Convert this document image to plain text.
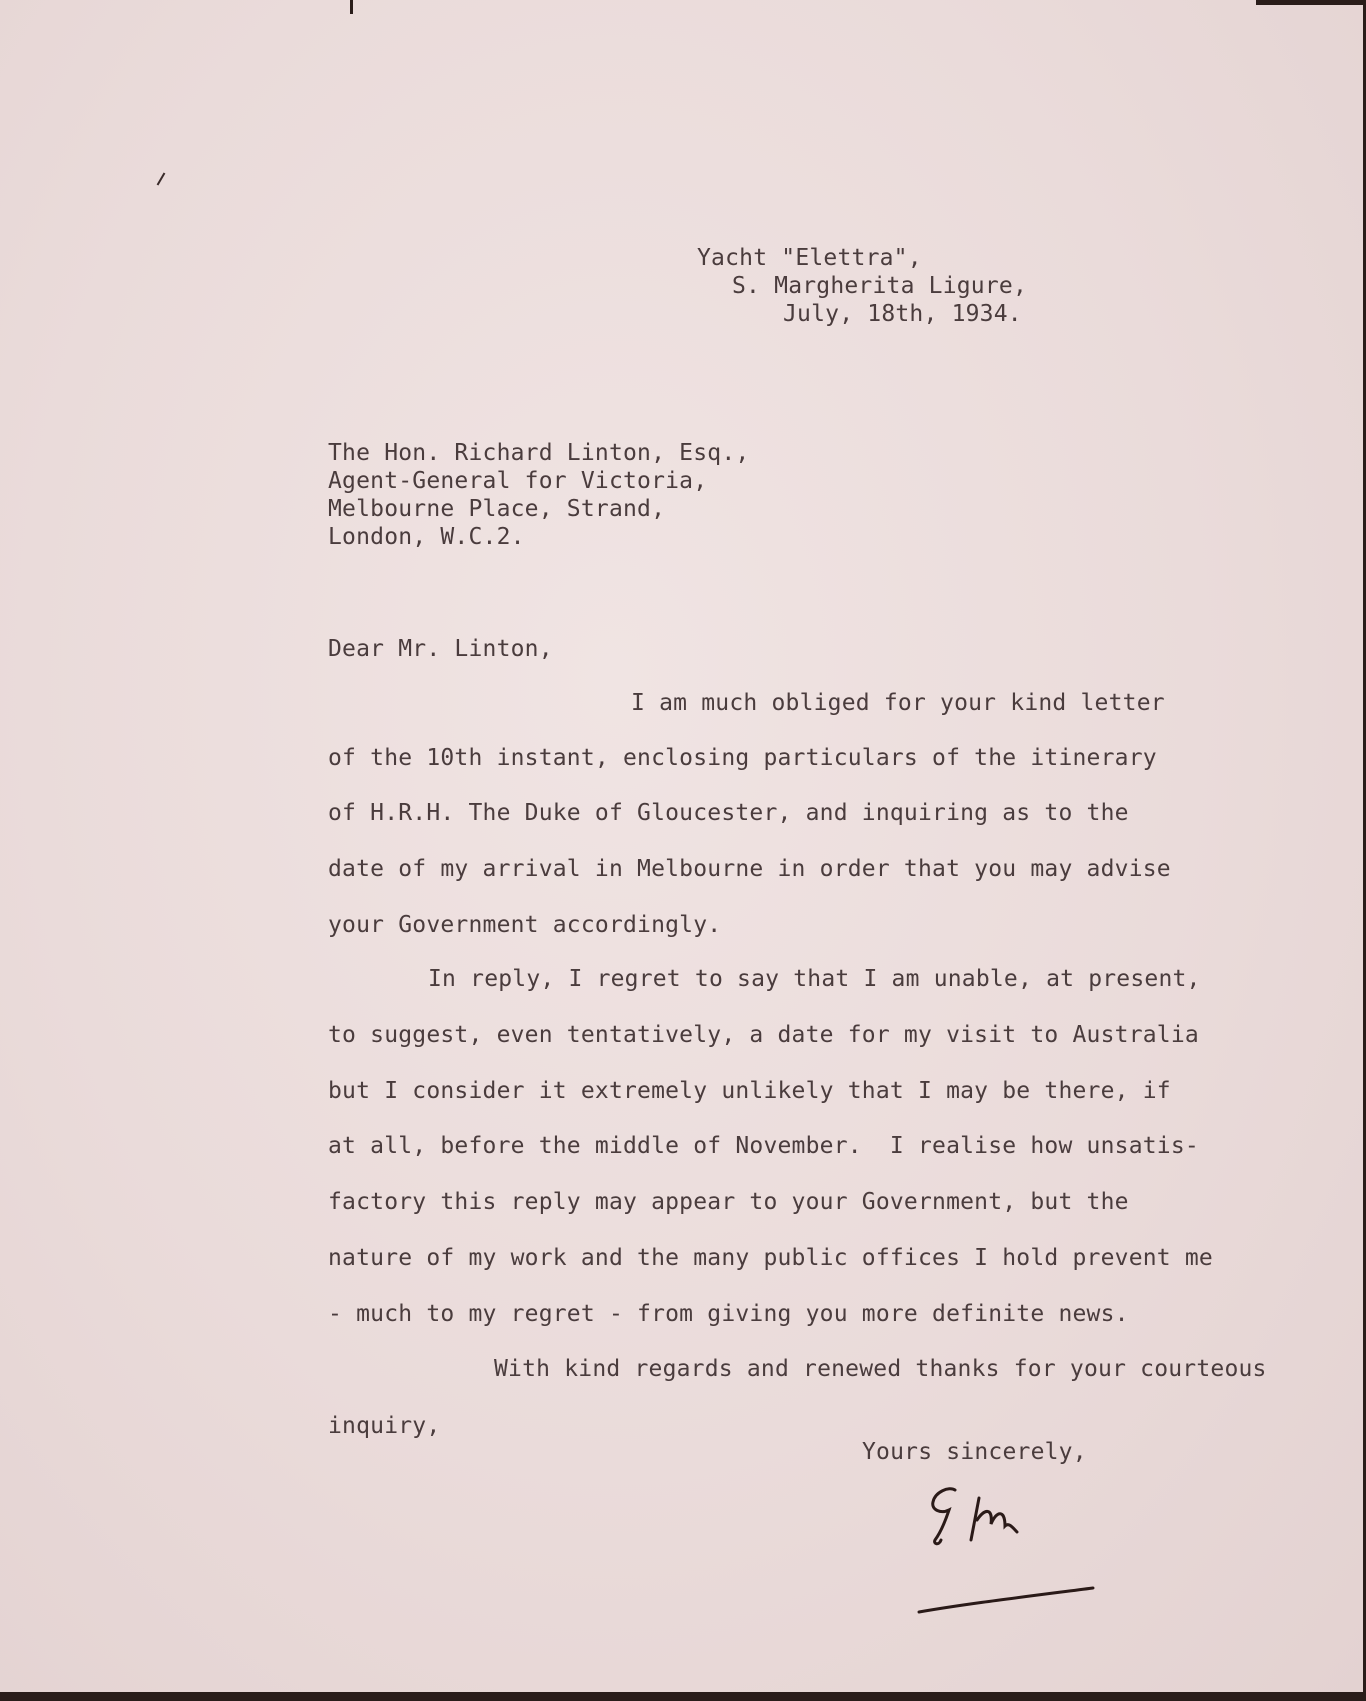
Yacht "Elettra",
S. Margherita Ligure,
July, 18th, 1934.
The Hon. Richard Linton, Esq.,
Agent-General for Victoria,
Melbourne Place, Strand,
London, W.C.2.
Dear Mr. Linton,
I am much obliged for your kind letter
of the 10th instant, enclosing particulars of the itinerary
of H.R.H. The Duke of Gloucester, and inquiring as to the
date of my arrival in Melbourne in order that you may advise
your Government accordingly.
In reply, I regret to say that I am unable, at present,
to suggest, even tentatively, a date for my visit to Australia
but I consider it extremely unlikely that I may be there, if
at all, before the middle of November.  I realise how unsatis-
factory this reply may appear to your Government, but the
nature of my work and the many public offices I hold prevent me
- much to my regret - from giving you more definite news.
With kind regards and renewed thanks for your courteous
inquiry,
Yours sincerely,
